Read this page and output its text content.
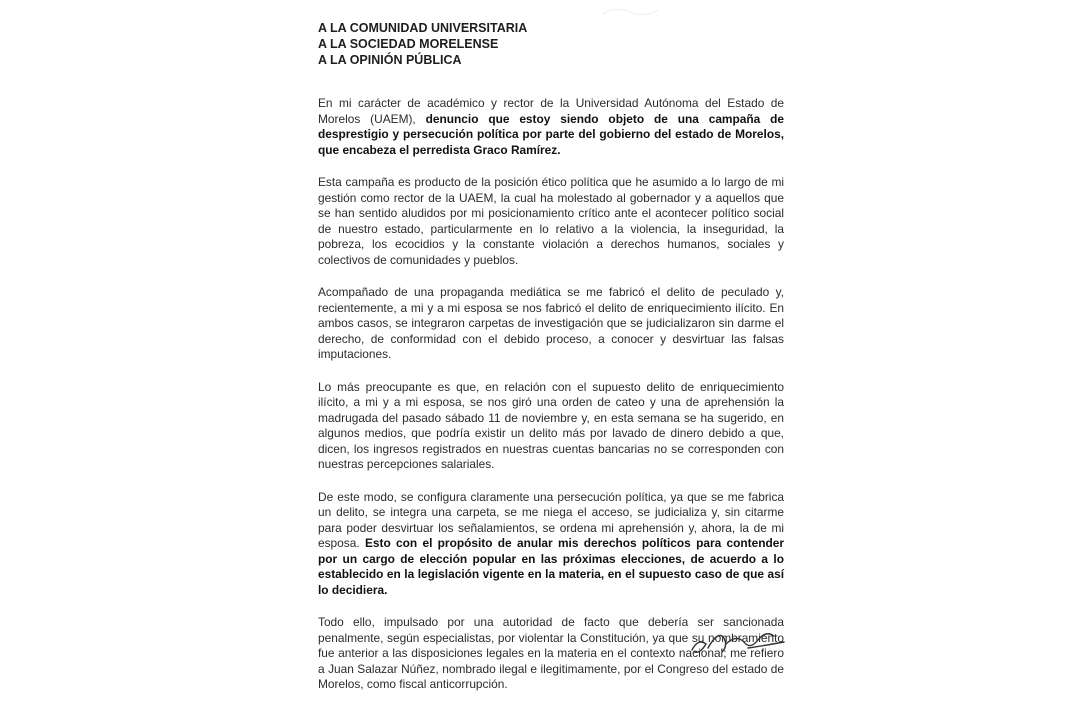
A LA COMUNIDAD UNIVERSITARIA
A LA SOCIEDAD MORELENSE
A LA OPINIÓN PÚBLICA

En mi carácter de académico y rector de la Universidad Autónoma del Estado de Morelos (UAEM), denuncio que estoy siendo objeto de una campaña de desprestigio y persecución política por parte del gobierno del estado de Morelos, que encabeza el perredista Graco Ramírez.

Esta campaña es producto de la posición ético política que he asumido a lo largo de mi gestión como rector de la UAEM, la cual ha molestado al gobernador y a aquellos que se han sentido aludidos por mi posicionamiento crítico ante el acontecer político social de nuestro estado, particularmente en lo relativo a la violencia, la inseguridad, la pobreza, los ecocidios y la constante violación a derechos humanos, sociales y colectivos de comunidades y pueblos.

Acompañado de una propaganda mediática se me fabricó el delito de peculado y, recientemente, a mi y a mi esposa se nos fabricó el delito de enriquecimiento ilícito. En ambos casos, se integraron carpetas de investigación que se judicializaron sin darme el derecho, de conformidad con el debido proceso, a conocer y desvirtuar las falsas imputaciones.

Lo más preocupante es que, en relación con el supuesto delito de enriquecimiento ilícito, a mi y a mi esposa, se nos giró una orden de cateo y una de aprehensión la madrugada del pasado sábado 11 de noviembre y, en esta semana se ha sugerido, en algunos medios, que podría existir un delito más por lavado de dinero debido a que, dicen, los ingresos registrados en nuestras cuentas bancarias no se corresponden con nuestras percepciones salariales.

De este modo, se configura claramente una persecución política, ya que se me fabrica un delito, se integra una carpeta, se me niega el acceso, se judicializa y, sin citarme para poder desvirtuar los señalamientos, se ordena mi aprehensión y, ahora, la de mi esposa. Esto con el propósito de anular mis derechos políticos para contender por un cargo de elección popular en las próximas elecciones, de acuerdo a lo establecido en la legislación vigente en la materia, en el supuesto caso de que así lo decidiera.

Todo ello, impulsado por una autoridad de facto que debería ser sancionada penalmente, según especialistas, por violentar la Constitución, ya que su nombramiento fue anterior a las disposiciones legales en la materia en el contexto nacional; me refiero a Juan Salazar Núñez, nombrado ilegal e ilegitimamente, por el Congreso del estado de Morelos, como fiscal anticorrupción.
